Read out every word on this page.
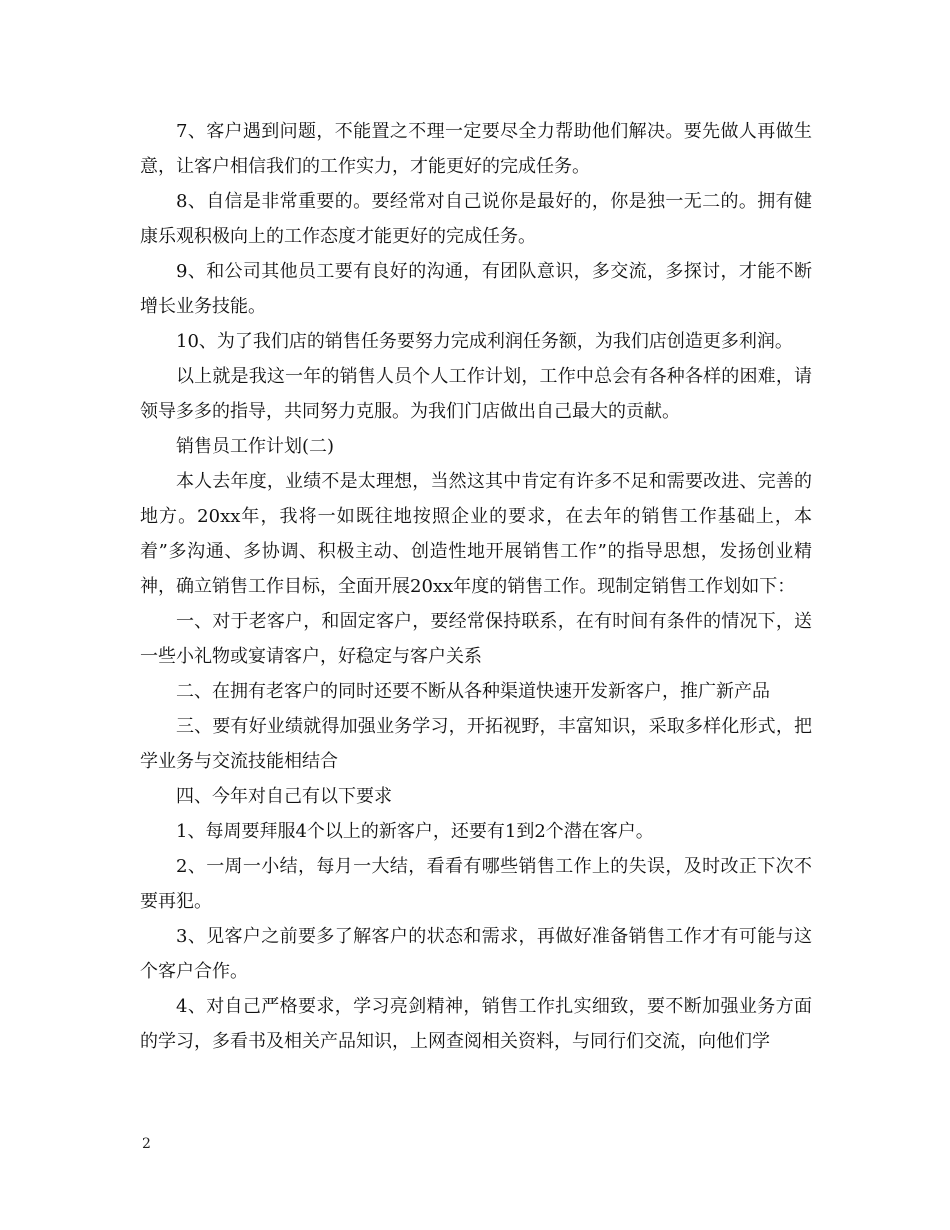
7、客户遇到问题，不能置之不理一定要尽全力帮助他们解决。要先做人再做生意，让客户相信我们的工作实力，才能更好的完成任务。

8、自信是非常重要的。要经常对自己说你是最好的，你是独一无二的。拥有健康乐观积极向上的工作态度才能更好的完成任务。

9、和公司其他员工要有良好的沟通，有团队意识，多交流，多探讨，才能不断增长业务技能。

10、为了我们店的销售任务要努力完成利润任务额，为我们店创造更多利润。

以上就是我这一年的销售人员个人工作计划，工作中总会有各种各样的困难，请领导多多的指导，共同努力克服。为我们门店做出自己最大的贡献。

销售员工作计划(二)

本人去年度，业绩不是太理想，当然这其中肯定有许多不足和需要改进、完善的地方。20xx年，我将一如既往地按照企业的要求，在去年的销售工作基础上，本着”多沟通、多协调、积极主动、创造性地开展销售工作”的指导思想，发扬创业精神，确立销售工作目标，全面开展20xx年度的销售工作。现制定销售工作划如下：

一、对于老客户，和固定客户，要经常保持联系，在有时间有条件的情况下，送一些小礼物或宴请客户，好稳定与客户关系

二、在拥有老客户的同时还要不断从各种渠道快速开发新客户，推广新产品

三、要有好业绩就得加强业务学习，开拓视野，丰富知识，采取多样化形式，把学业务与交流技能相结合

四、今年对自己有以下要求

1、每周要拜服4个以上的新客户，还要有1到2个潜在客户。

2、一周一小结，每月一大结，看看有哪些销售工作上的失误，及时改正下次不要再犯。

3、见客户之前要多了解客户的状态和需求，再做好准备销售工作才有可能与这个客户合作。

4、对自己严格要求，学习亮剑精神，销售工作扎实细致，要不断加强业务方面的学习，多看书及相关产品知识，上网查阅相关资料，与同行们交流，向他们学

2
